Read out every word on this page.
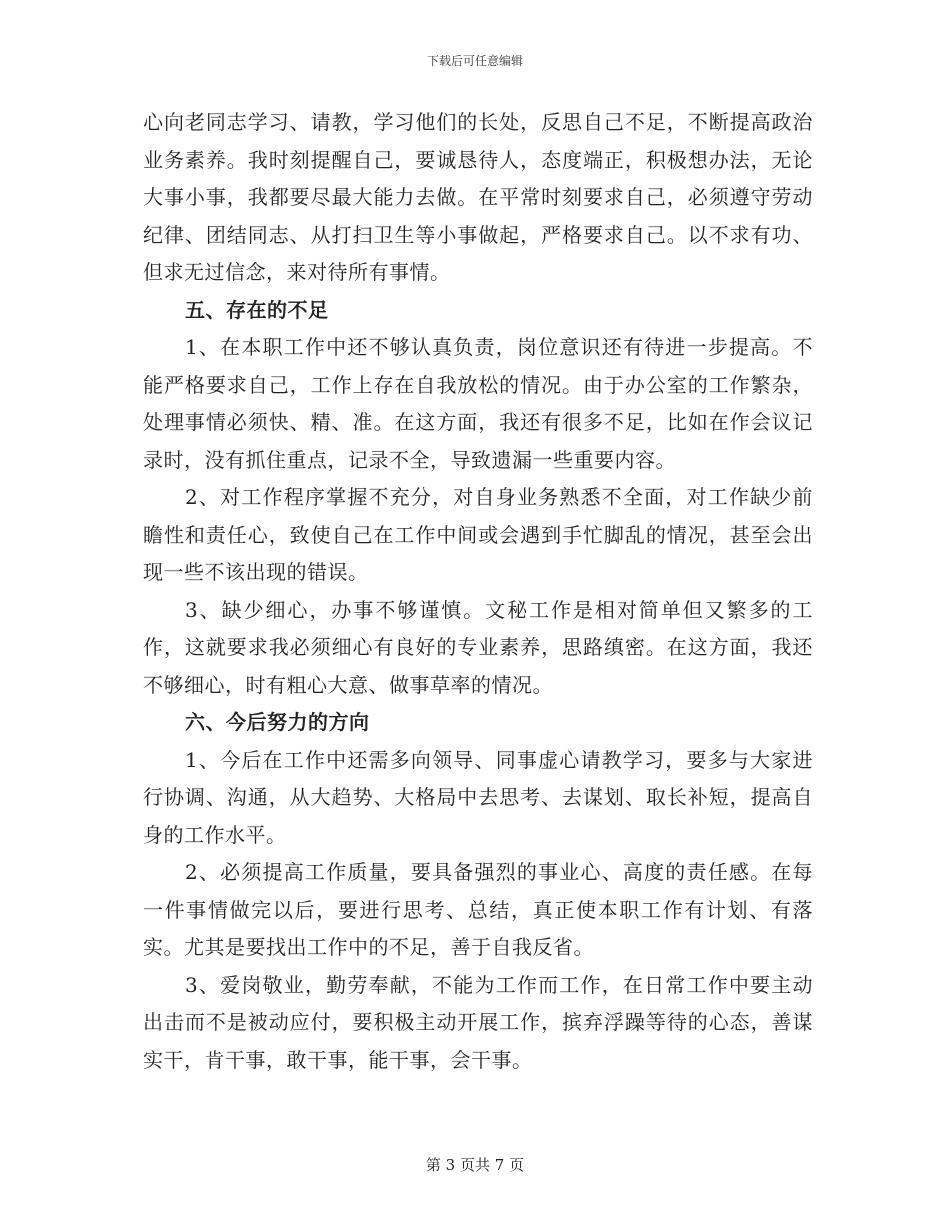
下载后可任意编辑

心向老同志学习、请教，学习他们的长处，反思自己不足，不断提高政治业务素养。我时刻提醒自己，要诚恳待人，态度端正，积极想办法，无论大事小事，我都要尽最大能力去做。在平常时刻要求自己，必须遵守劳动纪律、团结同志、从打扫卫生等小事做起，严格要求自己。以不求有功、但求无过信念，来对待所有事情。

五、存在的不足

1、在本职工作中还不够认真负责，岗位意识还有待进一步提高。不能严格要求自己，工作上存在自我放松的情况。由于办公室的工作繁杂，处理事情必须快、精、准。在这方面，我还有很多不足，比如在作会议记录时，没有抓住重点，记录不全，导致遗漏一些重要内容。

2、对工作程序掌握不充分，对自身业务熟悉不全面，对工作缺少前瞻性和责任心，致使自己在工作中间或会遇到手忙脚乱的情况，甚至会出现一些不该出现的错误。

3、缺少细心，办事不够谨慎。文秘工作是相对简单但又繁多的工作，这就要求我必须细心有良好的专业素养，思路缜密。在这方面，我还不够细心，时有粗心大意、做事草率的情况。

六、今后努力的方向

1、今后在工作中还需多向领导、同事虚心请教学习，要多与大家进行协调、沟通，从大趋势、大格局中去思考、去谋划、取长补短，提高自身的工作水平。

2、必须提高工作质量，要具备强烈的事业心、高度的责任感。在每一件事情做完以后，要进行思考、总结，真正使本职工作有计划、有落实。尤其是要找出工作中的不足，善于自我反省。

3、爱岗敬业，勤劳奉献，不能为工作而工作，在日常工作中要主动出击而不是被动应付，要积极主动开展工作，摈弃浮躁等待的心态，善谋实干，肯干事，敢干事，能干事，会干事。

第 3 页共 7 页
